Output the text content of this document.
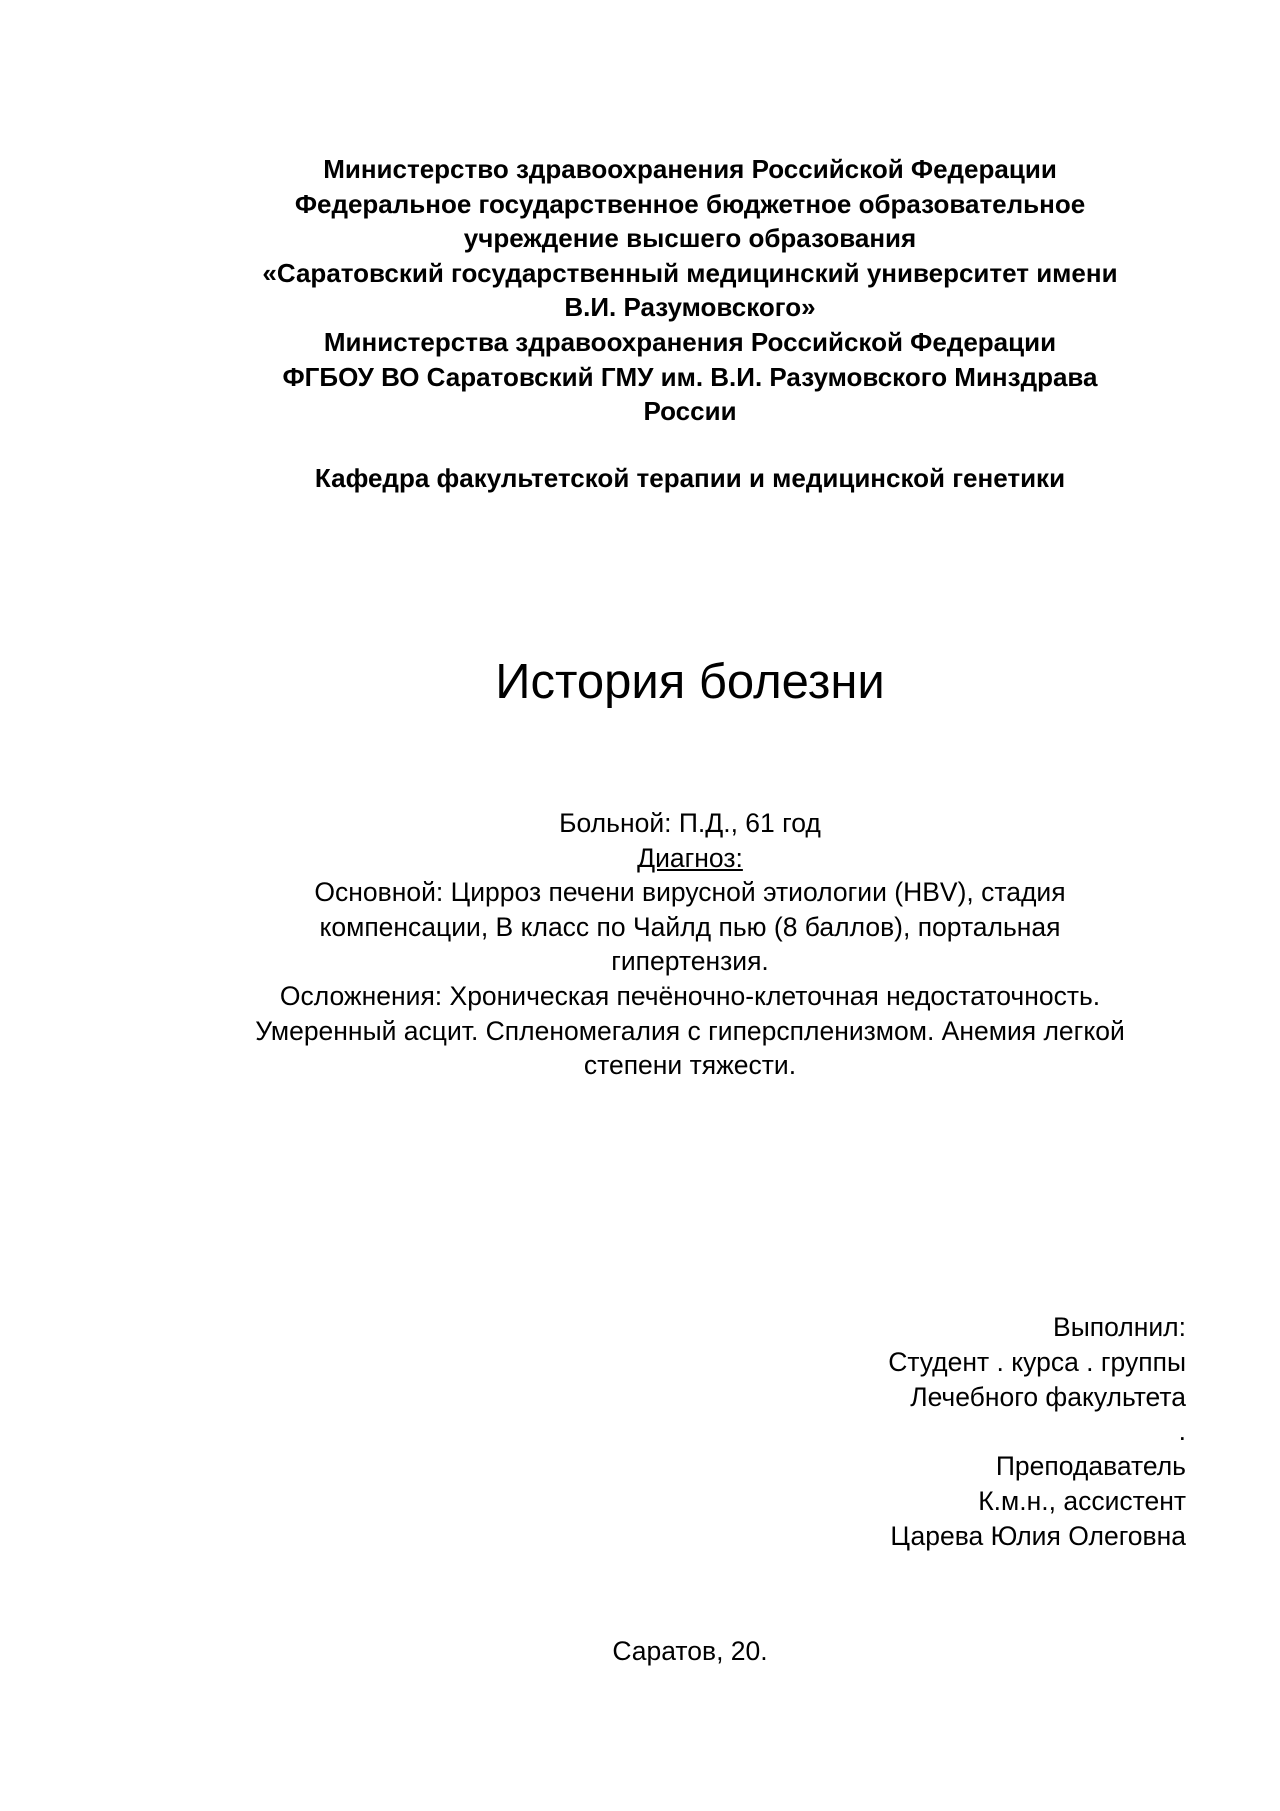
Министерство здравоохранения Российской Федерации
Федеральное государственное бюджетное образовательное
учреждение высшего образования
«Саратовский государственный медицинский университет имени
В.И. Разумовского»
Министерства здравоохранения Российской Федерации
ФГБОУ ВО Саратовский ГМУ им. В.И. Разумовского Минздрава
России
Кафедра факультетской терапии и медицинской генетики
История болезни
Больной: П.Д., 61 год
Диагноз:
Основной: Цирроз печени вирусной этиологии (HBV), стадия
компенсации, В класс по Чайлд пью (8 баллов), портальная
гипертензия.
Осложнения: Хроническая печёночно-клеточная недостаточность.
Умеренный асцит. Спленомегалия с гиперспленизмом. Анемия легкой
степени тяжести.
Выполнил:
Студент . курса . группы
Лечебного факультета
.
Преподаватель
К.м.н., ассистент
Царева Юлия Олеговна
Саратов, 20.
